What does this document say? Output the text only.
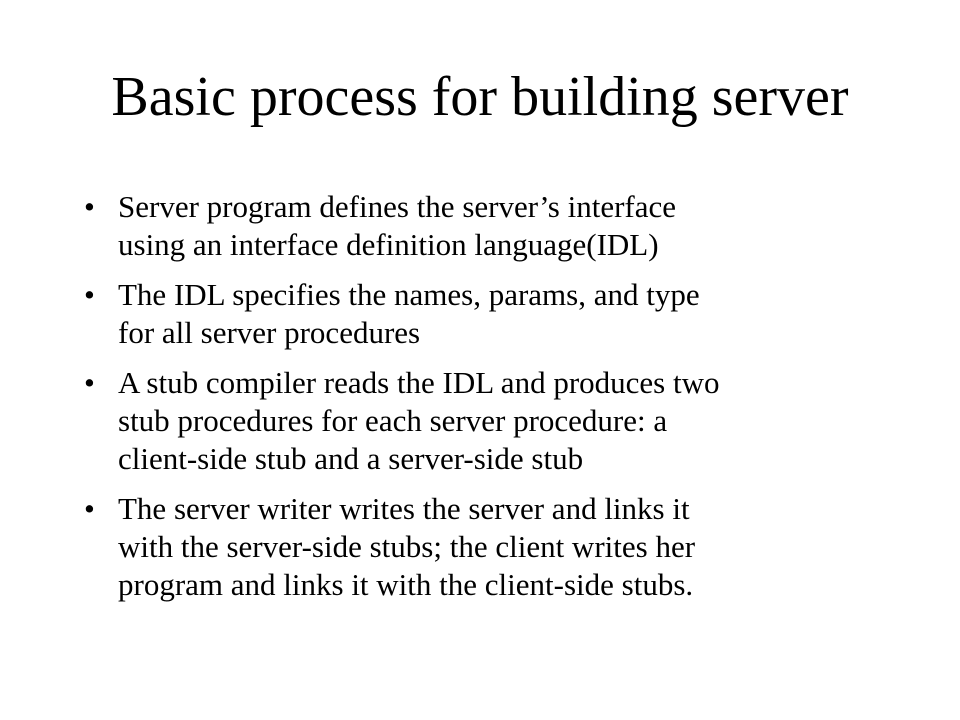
Basic process for building server
• Server program defines the server’s interface
using an interface definition language(IDL)
• The IDL specifies the names, params, and type
for all server procedures
• A stub compiler reads the IDL and produces two
stub procedures for each server procedure: a
client-side stub and a server-side stub
• The server writer writes the server and links it
with the server-side stubs; the client writes her
program and links it with the client-side stubs.
